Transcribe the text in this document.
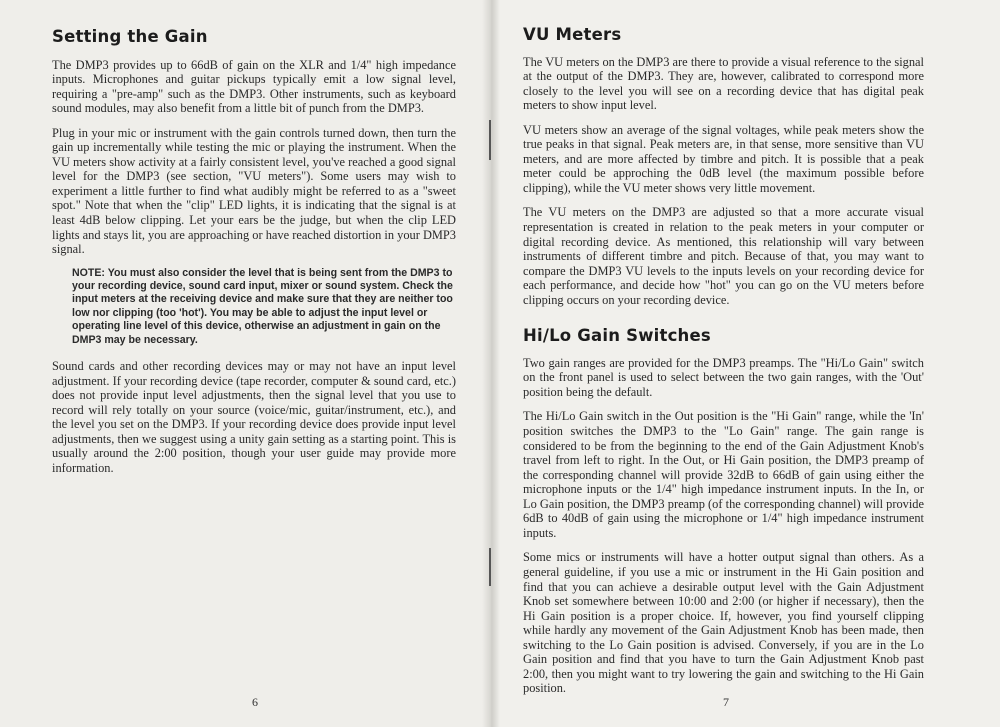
Setting the Gain

The DMP3 provides up to 66dB of gain on the XLR and 1/4" high impedance inputs. Microphones and guitar pickups typically emit a low signal level, requiring a "pre-amp" such as the DMP3. Other instruments, such as keyboard sound modules, may also benefit from a little bit of punch from the DMP3.

Plug in your mic or instrument with the gain controls turned down, then turn the gain up incrementally while testing the mic or playing the instrument. When the VU meters show activity at a fairly consistent level, you've reached a good signal level for the DMP3 (see section, "VU meters"). Some users may wish to experiment a little further to find what audibly might be referred to as a "sweet spot." Note that when the "clip" LED lights, it is indicating that the signal is at least 4dB below clipping. Let your ears be the judge, but when the clip LED lights and stays lit, you are approaching or have reached distortion in your DMP3 signal.

NOTE: You must also consider the level that is being sent from the DMP3 to your recording device, sound card input, mixer or sound system. Check the input meters at the receiving device and make sure that they are neither too low nor clipping (too 'hot'). You may be able to adjust the input level or operating line level of this device, otherwise an adjustment in gain on the DMP3 may be necessary.

Sound cards and other recording devices may or may not have an input level adjustment. If your recording device (tape recorder, computer & sound card, etc.) does not provide input level adjustments, then the signal level that you use to record will rely totally on your source (voice/mic, guitar/instrument, etc.), and the level you set on the DMP3. If your recording device does provide input level adjustments, then we suggest using a unity gain setting as a starting point. This is usually around the 2:00 position, though your user guide may provide more information.

6
VU Meters

The VU meters on the DMP3 are there to provide a visual reference to the signal at the output of the DMP3. They are, however, calibrated to correspond more closely to the level you will see on a recording device that has digital peak meters to show input level.

VU meters show an average of the signal voltages, while peak meters show the true peaks in that signal. Peak meters are, in that sense, more sensitive than VU meters, and are more affected by timbre and pitch. It is possible that a peak meter could be approching the 0dB level (the maximum possible before clipping), while the VU meter shows very little movement.

The VU meters on the DMP3 are adjusted so that a more accurate visual representation is created in relation to the peak meters in your computer or digital recording device. As mentioned, this relationship will vary between instruments of different timbre and pitch. Because of that, you may want to compare the DMP3 VU levels to the inputs levels on your recording device for each performance, and decide how "hot" you can go on the VU meters before clipping occurs on your recording device.

Hi/Lo Gain Switches

Two gain ranges are provided for the DMP3 preamps. The "Hi/Lo Gain" switch on the front panel is used to select between the two gain ranges, with the 'Out' position being the default.

The Hi/Lo Gain switch in the Out position is the "Hi Gain" range, while the 'In' position switches the DMP3 to the "Lo Gain" range. The gain range is considered to be from the beginning to the end of the Gain Adjustment Knob's travel from left to right. In the Out, or Hi Gain position, the DMP3 preamp of the corresponding channel will provide 32dB to 66dB of gain using either the microphone inputs or the 1/4" high impedance instrument inputs. In the In, or Lo Gain position, the DMP3 preamp (of the corresponding channel) will provide 6dB to 40dB of gain using the microphone or 1/4" high impedance instrument inputs.

Some mics or instruments will have a hotter output signal than others. As a general guideline, if you use a mic or instrument in the Hi Gain position and find that you can achieve a desirable output level with the Gain Adjustment Knob set somewhere between 10:00 and 2:00 (or higher if necessary), then the Hi Gain position is a proper choice. If, however, you find yourself clipping while hardly any movement of the Gain Adjustment Knob has been made, then switching to the Lo Gain position is advised. Conversely, if you are in the Lo Gain position and find that you have to turn the Gain Adjustment Knob past 2:00, then you might want to try lowering the gain and switching to the Hi Gain position.

7
